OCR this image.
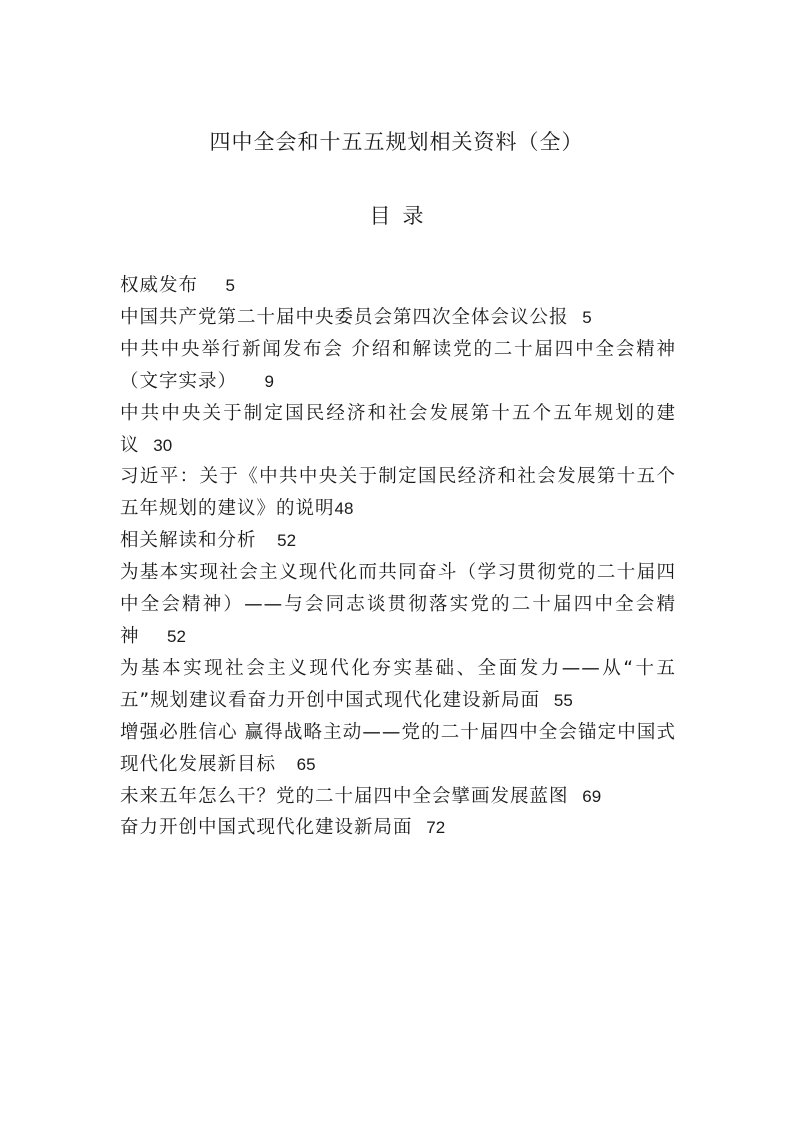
四中全会和十五五规划相关资料（全）
目录
权威发布 5
中国共产党第二十届中央委员会第四次全体会议公报 5
中共中央举行新闻发布会 介绍和解读党的二十届四中全会精神（文字实录） 9
中共中央关于制定国民经济和社会发展第十五个五年规划的建议 30
习近平：关于《中共中央关于制定国民经济和社会发展第十五个五年规划的建议》的说明48
相关解读和分析 52
为基本实现社会主义现代化而共同奋斗（学习贯彻党的二十届四中全会精神）——与会同志谈贯彻落实党的二十届四中全会精神 52
为基本实现社会主义现代化夯实基础、全面发力——从“十五五”规划建议看奋力开创中国式现代化建设新局面 55
增强必胜信心 赢得战略主动——党的二十届四中全会锚定中国式现代化发展新目标 65
未来五年怎么干？党的二十届四中全会擘画发展蓝图 69
奋力开创中国式现代化建设新局面 72
